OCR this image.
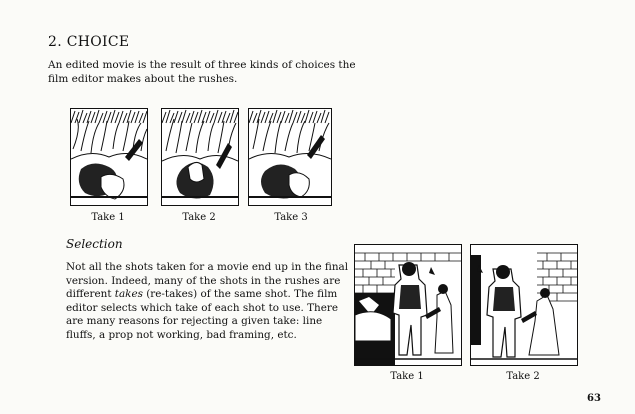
2. CHOICE
An edited movie is the result of three kinds of choices the film editor makes about the rushes.
Take 1	Take 2	Take 3
Selection
Not all the shots taken for a movie end up in the final version. Indeed, many of the shots in the rushes are different takes (re-takes) of the same shot. The film editor selects which take of each shot to use. There are many reasons for rejecting a given take: line fluffs, a prop not working, bad framing, etc.
Take 1	Take 2
63
